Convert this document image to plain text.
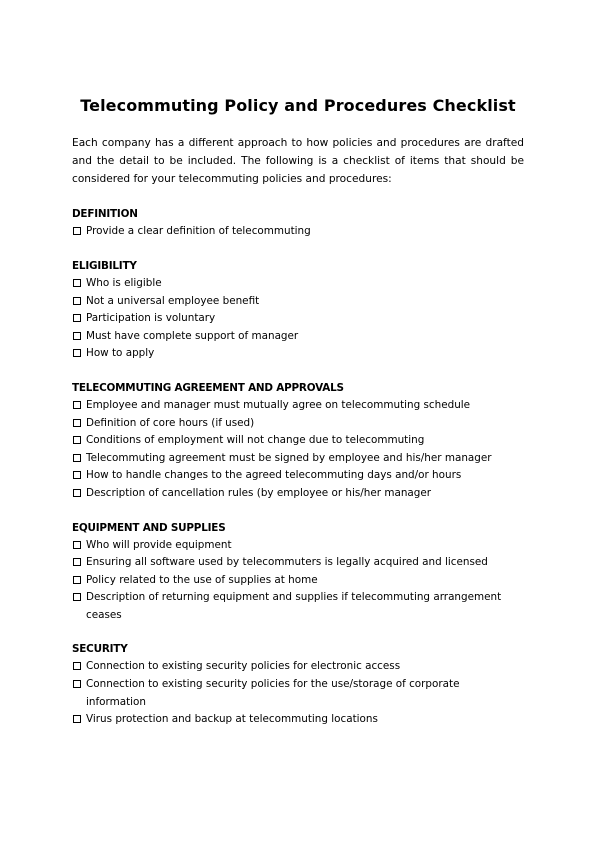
Telecommuting Policy and Procedures Checklist

Each company has a different approach to how policies and procedures are drafted and the detail to be included. The following is a checklist of items that should be considered for your telecommuting policies and procedures:

DEFINITION
Provide a clear definition of telecommuting
ELIGIBILITY
Who is eligible
Not a universal employee benefit
Participation is voluntary
Must have complete support of manager
How to apply
TELECOMMUTING AGREEMENT AND APPROVALS
Employee and manager must mutually agree on telecommuting schedule
Definition of core hours (if used)
Conditions of employment will not change due to telecommuting
Telecommuting agreement must be signed by employee and his/her manager
How to handle changes to the agreed telecommuting days and/or hours
Description of cancellation rules (by employee or his/her manager
EQUIPMENT AND SUPPLIES
Who will provide equipment
Ensuring all software used by telecommuters is legally acquired and licensed
Policy related to the use of supplies at home
Description of returning equipment and supplies if telecommuting arrangement ceases
SECURITY
Connection to existing security policies for electronic access
Connection to existing security policies for the use/storage of corporate information
Virus protection and backup at telecommuting locations
